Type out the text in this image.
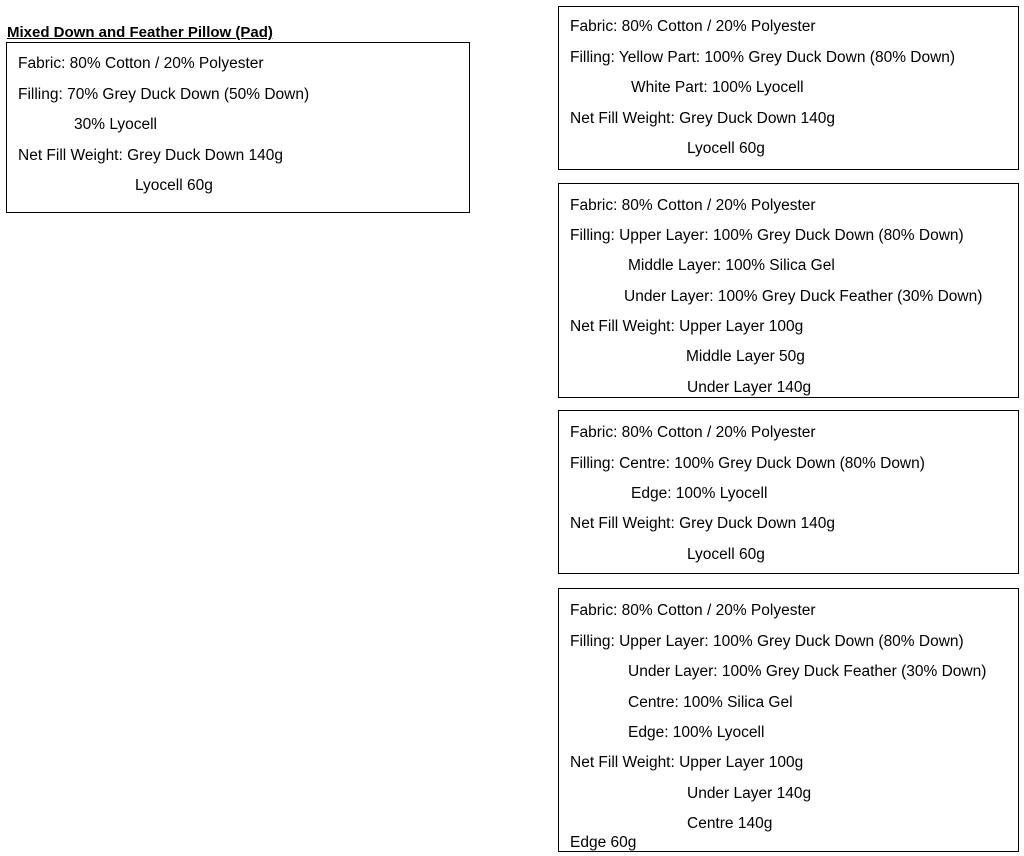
Mixed Down and Feather Pillow (Pad)
Fabric: 80% Cotton / 20% Polyester
Filling: 70% Grey Duck Down (50% Down)
30% Lyocell
Net Fill Weight: Grey Duck Down 140g
Lyocell 60g
Fabric: 80% Cotton / 20% Polyester
Filling: Yellow Part: 100% Grey Duck Down (80% Down)
White Part: 100% Lyocell
Net Fill Weight: Grey Duck Down 140g
Lyocell 60g
Fabric: 80% Cotton / 20% Polyester
Filling: Upper Layer: 100% Grey Duck Down (80% Down)
Middle Layer: 100% Silica Gel
Under Layer: 100% Grey Duck Feather (30% Down)
Net Fill Weight: Upper Layer 100g
Middle Layer 50g
Under Layer 140g
Fabric: 80% Cotton / 20% Polyester
Filling: Centre: 100% Grey Duck Down (80% Down)
Edge: 100% Lyocell
Net Fill Weight: Grey Duck Down 140g
Lyocell 60g
Fabric: 80% Cotton / 20% Polyester
Filling: Upper Layer: 100% Grey Duck Down (80% Down)
Under Layer: 100% Grey Duck Feather (30% Down)
Centre: 100% Silica Gel
Edge: 100% Lyocell
Net Fill Weight: Upper Layer 100g
Under Layer 140g
Centre 140g
Edge 60g
